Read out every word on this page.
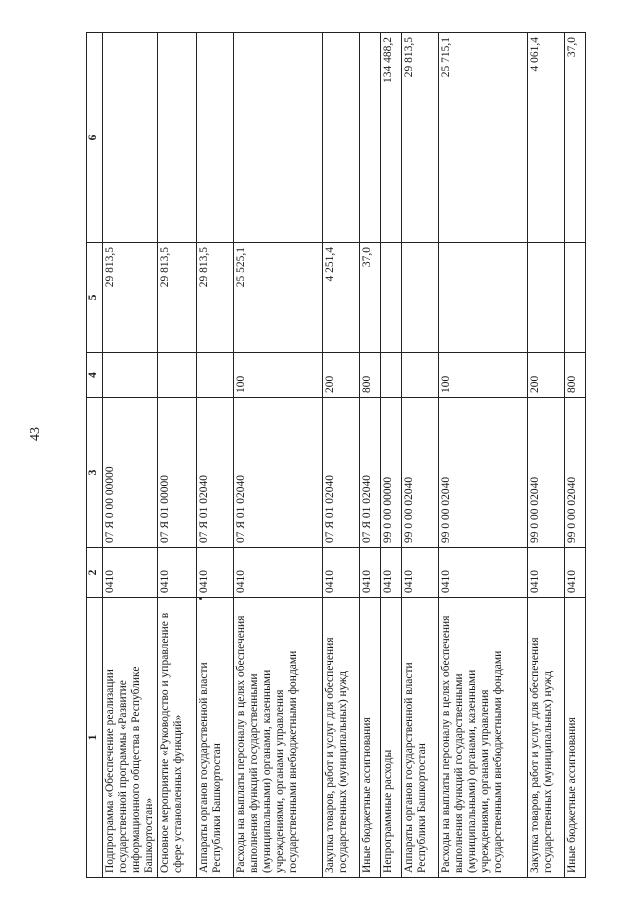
43
1	2	3	4	5	6
Подпрограмма «Обеспечение реализации государственной программы «Развитие информационного общества в Республике Башкортостан»	0410	07 Я 0 00 00000		29 813,5	
Основное мероприятие «Руководство и управление в сфере установленных функций»	0410	07 Я 01 00000		29 813,5	
Аппараты органов государственной власти Республики Башкортостан	0410	07 Я 01 02040		29 813,5	
Расходы на выплаты персоналу в целях обеспечения выполнения функций государственными (муниципальными) органами, казенными учреждениями, органами управления государственными внебюджетными фондами	0410	07 Я 01 02040	100	25 525,1	
Закупка товаров, работ и услуг для обеспечения государственных (муниципальных) нужд	0410	07 Я 01 02040	200	4 251,4	
Иные бюджетные ассигнования	0410	07 Я 01 02040	800	37,0	
Непрограммные расходы	0410	99 0 00 00000			134 488,2
Аппараты органов государственной власти Республики Башкортостан	0410	99 0 00 02040			29 813,5
Расходы на выплаты персоналу в целях обеспечения выполнения функций государственными (муниципальными) органами, казенными учреждениями, органами управления государственными внебюджетными фондами	0410	99 0 00 02040	100		25 715,1
Закупка товаров, работ и услуг для обеспечения государственных (муниципальных) нужд	0410	99 0 00 02040	200		4 061,4
Иные бюджетные ассигнования	0410	99 0 00 02040	800		37,0
